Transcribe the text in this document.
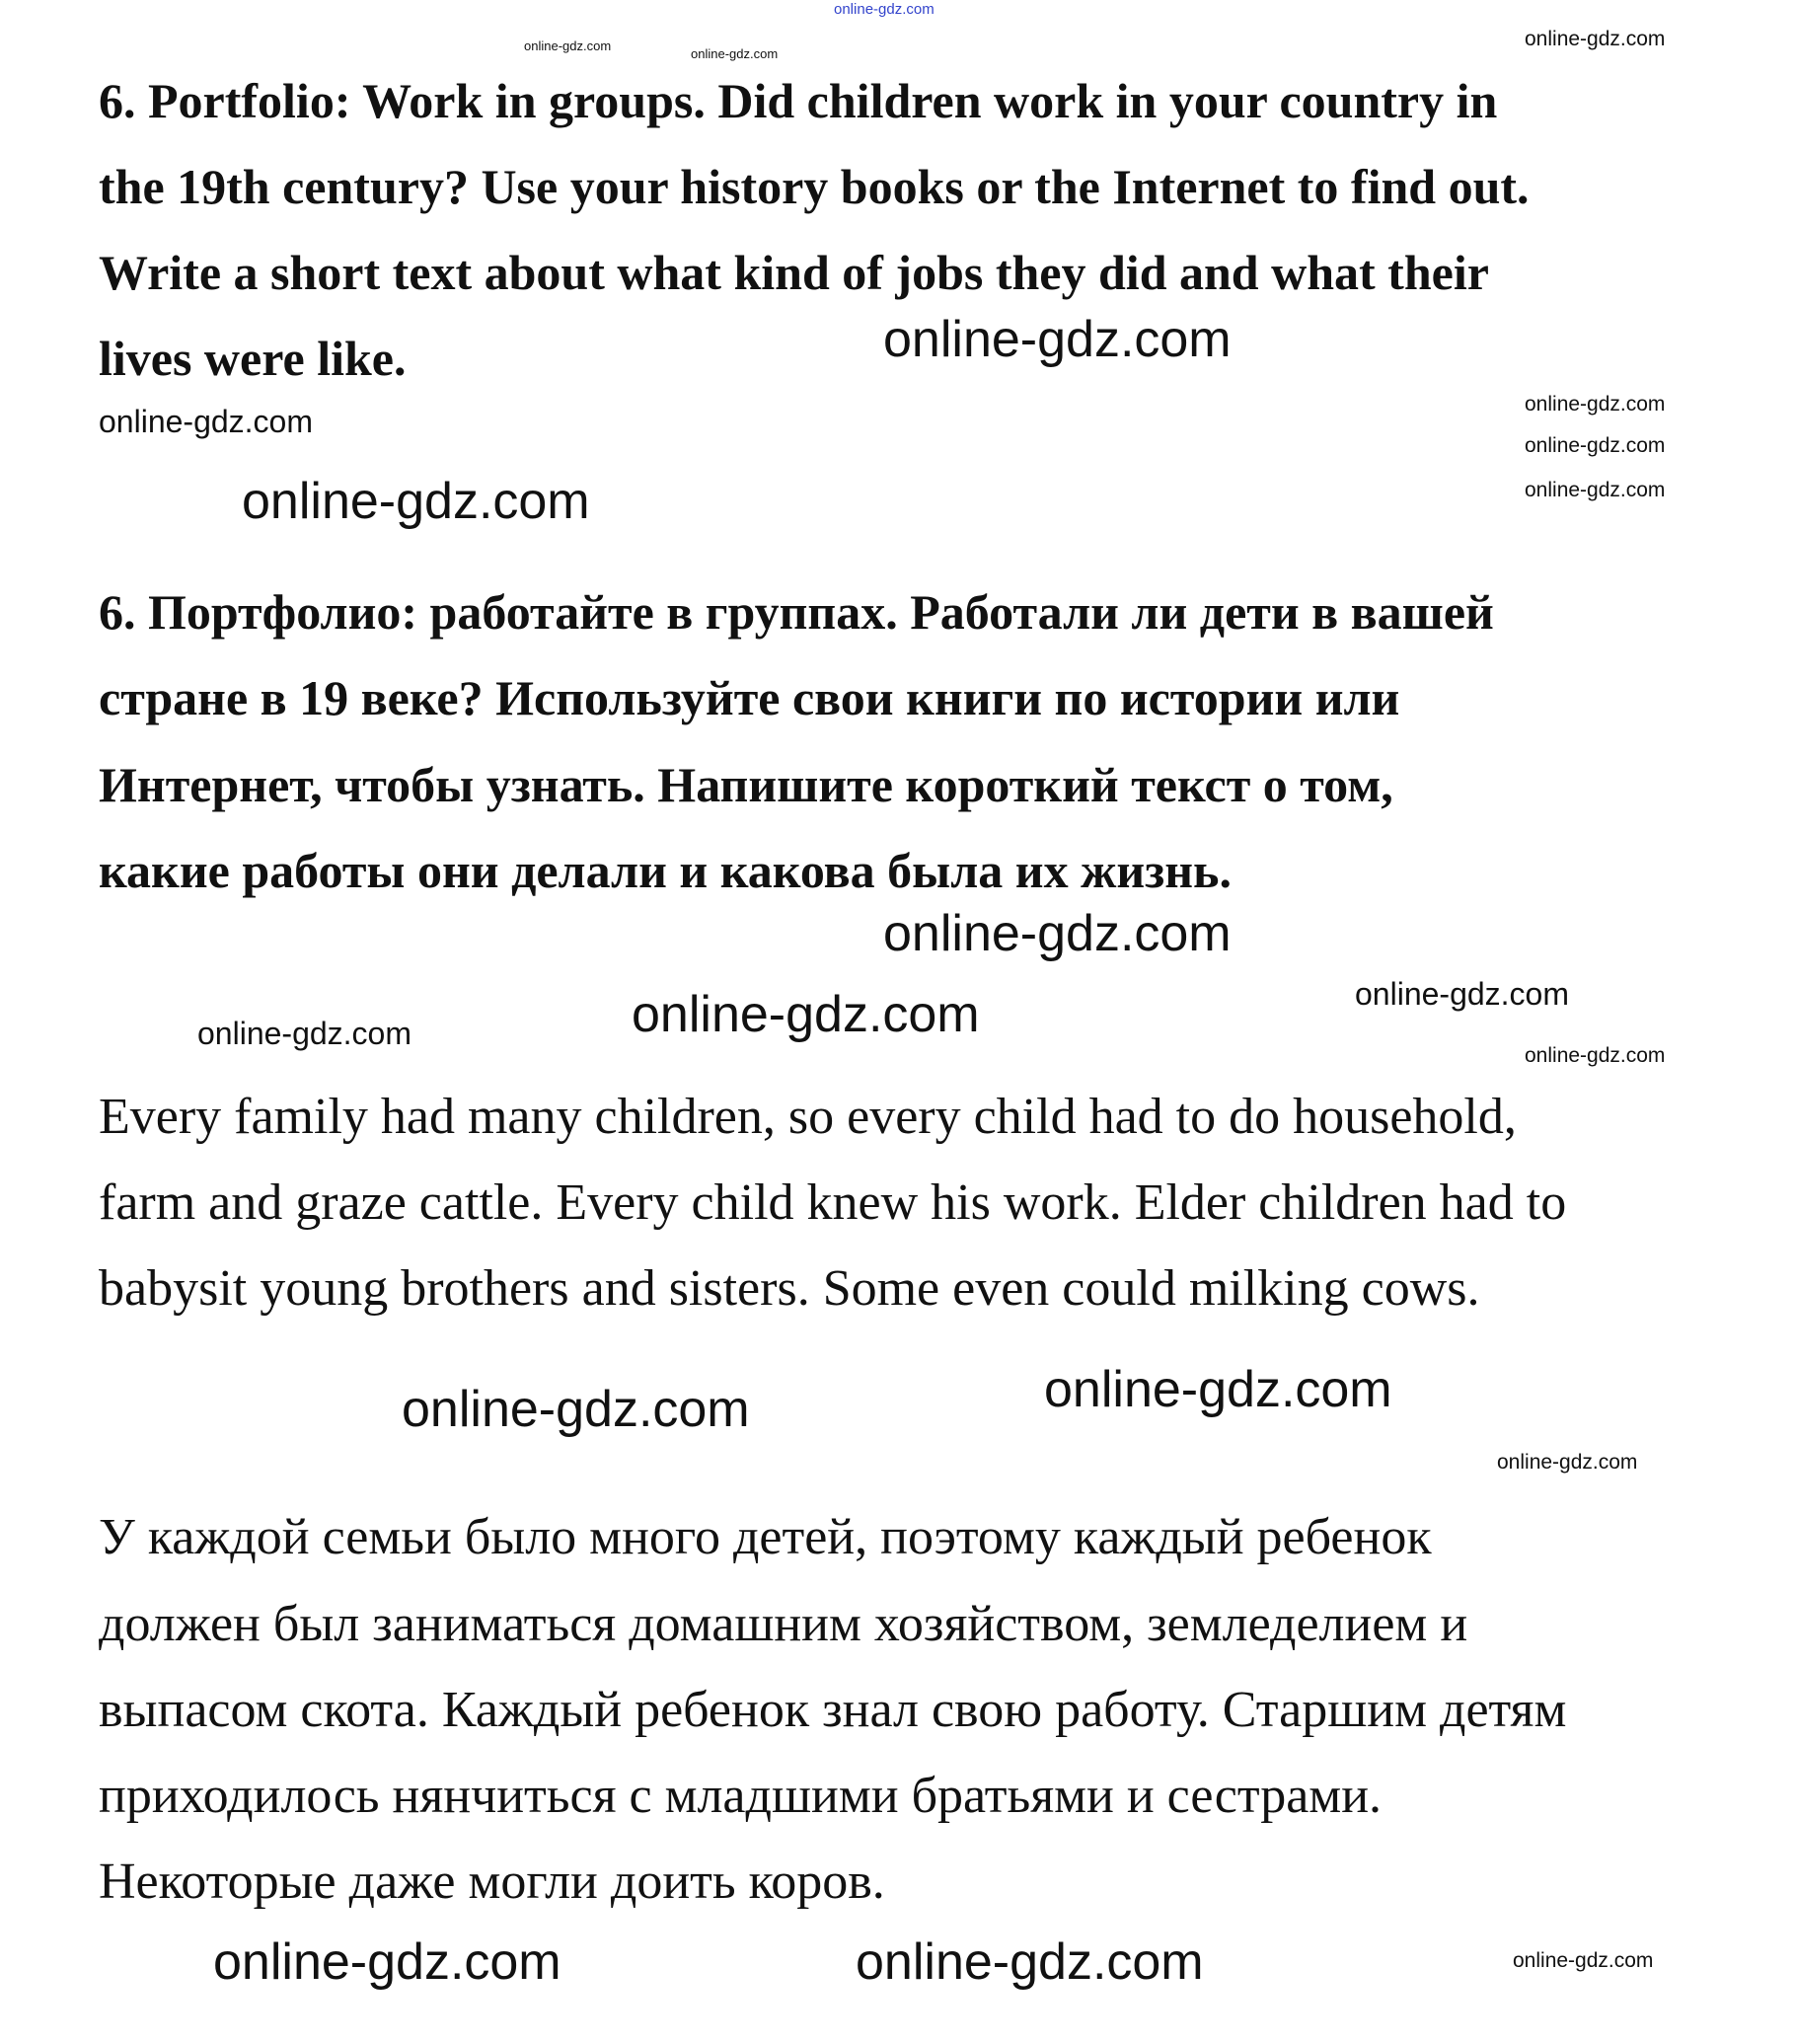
6. Portfolio: Work in groups. Did children work in your country in
the 19th century? Use your history books or the Internet to find out.
Write a short text about what kind of jobs they did and what their
lives were like.
6. Портфолио: работайте в группах. Работали ли дети в вашей
стране в 19 веке? Используйте свои книги по истории или
Интернет, чтобы узнать. Напишите короткий текст о том,
какие работы они делали и какова была их жизнь.
Every family had many children, so every child had to do household,
farm and graze cattle. Every child knew his work. Elder children had to
babysit young brothers and sisters. Some even could milking cows.
У каждой семьи было много детей, поэтому каждый ребенок
должен был заниматься домашним хозяйством, земледелием и
выпасом скота. Каждый ребенок знал свою работу. Старшим детям
приходилось нянчиться с младшими братьями и сестрами.
Некоторые даже могли доить коров.
online-gdz.com
online-gdz.com	online-gdz.com
online-gdz.com
online-gdz.com
online-gdz.com
online-gdz.com
online-gdz.com
online-gdz.com	online-gdz.com
online-gdz.com
online-gdz.com
online-gdz.com
online-gdz.com
online-gdz.com
online-gdz.com
online-gdz.com
online-gdz.com
online-gdz.com
online-gdz.com	online-gdz.com
